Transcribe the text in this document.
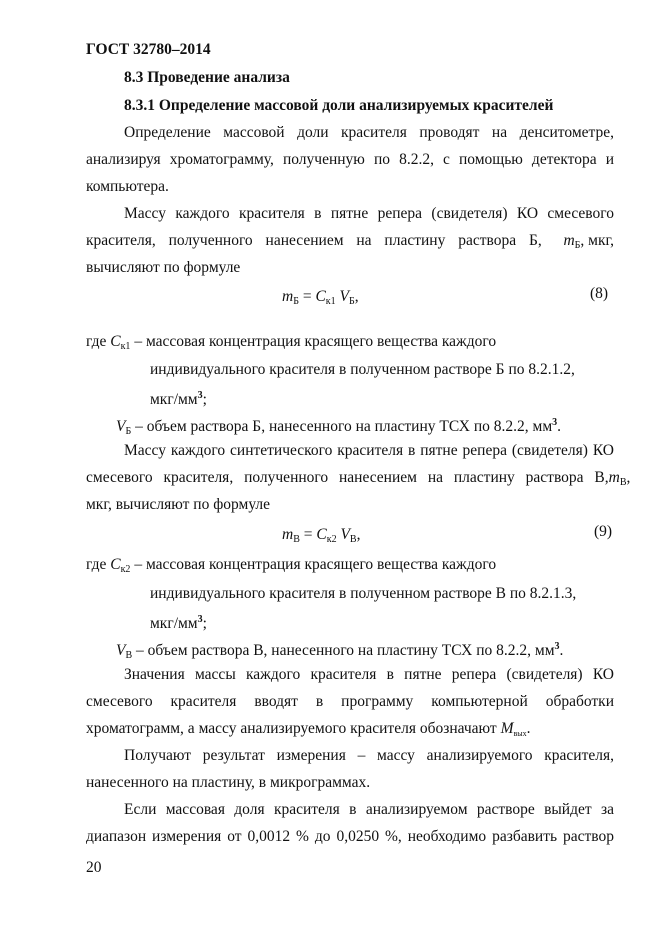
ГОСТ 32780–2014
8.3 Проведение анализа
8.3.1 Определение массовой доли анализируемых красителей
Определение массовой доли красителя проводят на денситометре,
анализируя хроматограмму, полученную по 8.2.2, с помощью детектора и
компьютера.
Массу каждого красителя в пятне репера (свидетеля) КО смесевого
красителя, полученного нанесением на пластину раствора Б, $m_Б$, мкг,
вычисляют по формуле
$m_Б = C_{к1}$ $V_Б$,	(8)
где $C_{к1}$ – массовая концентрация красящего вещества каждого
индивидуального красителя в полученном растворе Б по 8.2.1.2,
мкг/$мм^3$;
$V_Б$ – объем раствора Б, нанесенного на пластину ТСХ по 8.2.2, $мм^3$.
Массу каждого синтетического красителя в пятне репера (свидетеля) КО
смесевого красителя, полученного нанесением на пластину раствора В, $m_В$,
мкг, вычисляют по формуле
$m_В = C_{к2}$ $V_В$,	(9)
где $C_{к2}$ – массовая концентрация красящего вещества каждого
индивидуального красителя в полученном растворе В по 8.2.1.3,
мкг/$мм^3$;
$V_В$ – объем раствора В, нанесенного на пластину ТСХ по 8.2.2, $мм^3$.
Значения массы каждого красителя в пятне репера (свидетеля) КО
смесевого красителя вводят в программу компьютерной обработки
хроматограмм, а массу анализируемого красителя обозначают $M_{вых}$.
Получают результат измерения – массу анализируемого красителя,
нанесенного на пластину, в микрограммах.
Если массовая доля красителя в анализируемом растворе выйдет за
диапазон измерения от 0,0012 % до 0,0250 %, необходимо разбавить раствор
20
